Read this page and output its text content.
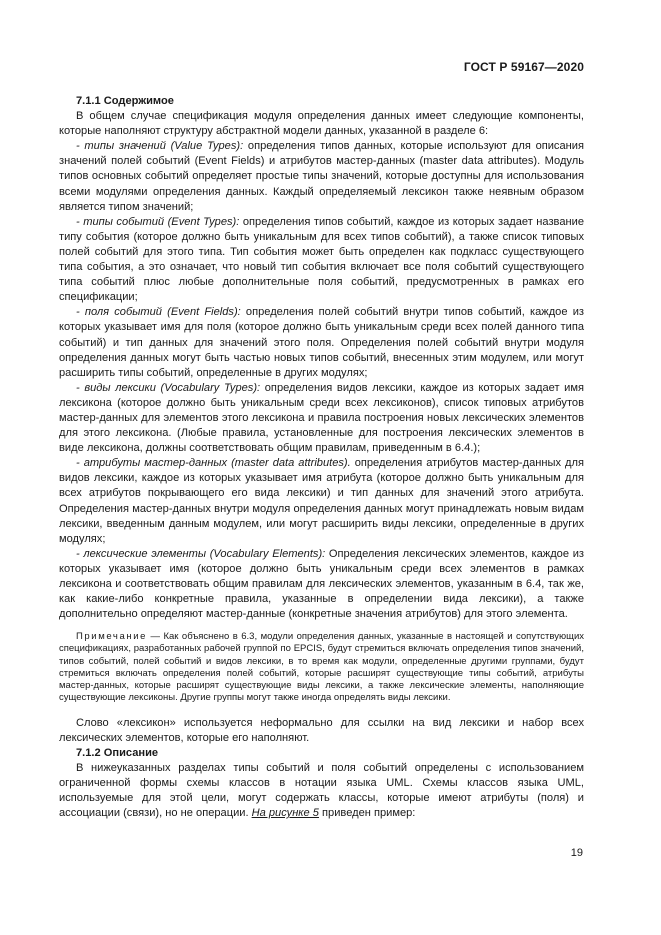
ГОСТ Р 59167—2020
7.1.1 Содержимое

В общем случае спецификация модуля определения данных имеет следующие компоненты, которые наполняют структуру абстрактной модели данных, указанной в разделе 6:

- типы значений (Value Types): определения типов данных, которые используют для описания значений полей событий (Event Fields) и атрибутов мастер-данных (master data attributes). Модуль типов основных событий определяет простые типы значений, которые доступны для использования всеми модулями определения данных. Каждый определяемый лексикон также неявным образом является типом значений;

- типы событий (Event Types): определения типов событий, каждое из которых задает название типу события (которое должно быть уникальным для всех типов событий), а также список типовых полей событий для этого типа. Тип события может быть определен как подкласс существующего типа события, а это означает, что новый тип события включает все поля событий существующего типа событий плюс любые дополнительные поля событий, предусмотренных в рамках его спецификации;

- поля событий (Event Fields): определения полей событий внутри типов событий, каждое из которых указывает имя для поля (которое должно быть уникальным среди всех полей данного типа событий) и тип данных для значений этого поля. Определения полей событий внутри модуля определения данных могут быть частью новых типов событий, внесенных этим модулем, или могут расширить типы событий, определенные в других модулях;

- виды лексики (Vocabulary Types): определения видов лексики, каждое из которых задает имя лексикона (которое должно быть уникальным среди всех лексиконов), список типовых атрибутов мастер-данных для элементов этого лексикона и правила построения новых лексических элементов для этого лексикона. (Любые правила, установленные для построения лексических элементов в виде лексикона, должны соответствовать общим правилам, приведенным в 6.4.);

- атрибуты мастер-данных (master data attributes). определения атрибутов мастер-данных для видов лексики, каждое из которых указывает имя атрибута (которое должно быть уникальным для всех атрибутов покрывающего его вида лексики) и тип данных для значений этого атрибута. Определения мастер-данных внутри модуля определения данных могут принадлежать новым видам лексики, введенным данным модулем, или могут расширить виды лексики, определенные в других модулях;

- лексические элементы (Vocabulary Elements): Определения лексических элементов, каждое из которых указывает имя (которое должно быть уникальным среди всех элементов в рамках лексикона и соответствовать общим правилам для лексических элементов, указанным в 6.4, так же, как какие-либо конкретные правила, указанные в определении вида лексики), а также дополнительно определяют мастер-данные (конкретные значения атрибутов) для этого элемента.

Примечание — Как объяснено в 6.3, модули определения данных, указанные в настоящей и сопутствующих спецификациях, разработанных рабочей группой по EPCIS, будут стремиться включать определения типов значений, типов событий, полей событий и видов лексики, в то время как модули, определенные другими группами, будут стремиться включать определения полей событий, которые расширят существующие типы событий, атрибуты мастер-данных, которые расширят существующие виды лексики, а также лексические элементы, наполняющие существующие лексиконы. Другие группы могут также иногда определять виды лексики.

Слово «лексикон» используется неформально для ссылки на вид лексики и набор всех лексических элементов, которые его наполняют.

7.1.2 Описание

В нижеуказанных разделах типы событий и поля событий определены с использованием ограниченной формы схемы классов в нотации языка UML. Схемы классов языка UML, используемые для этой цели, могут содержать классы, которые имеют атрибуты (поля) и ассоциации (связи), но не операции. На рисунке 5 приведен пример:

19
